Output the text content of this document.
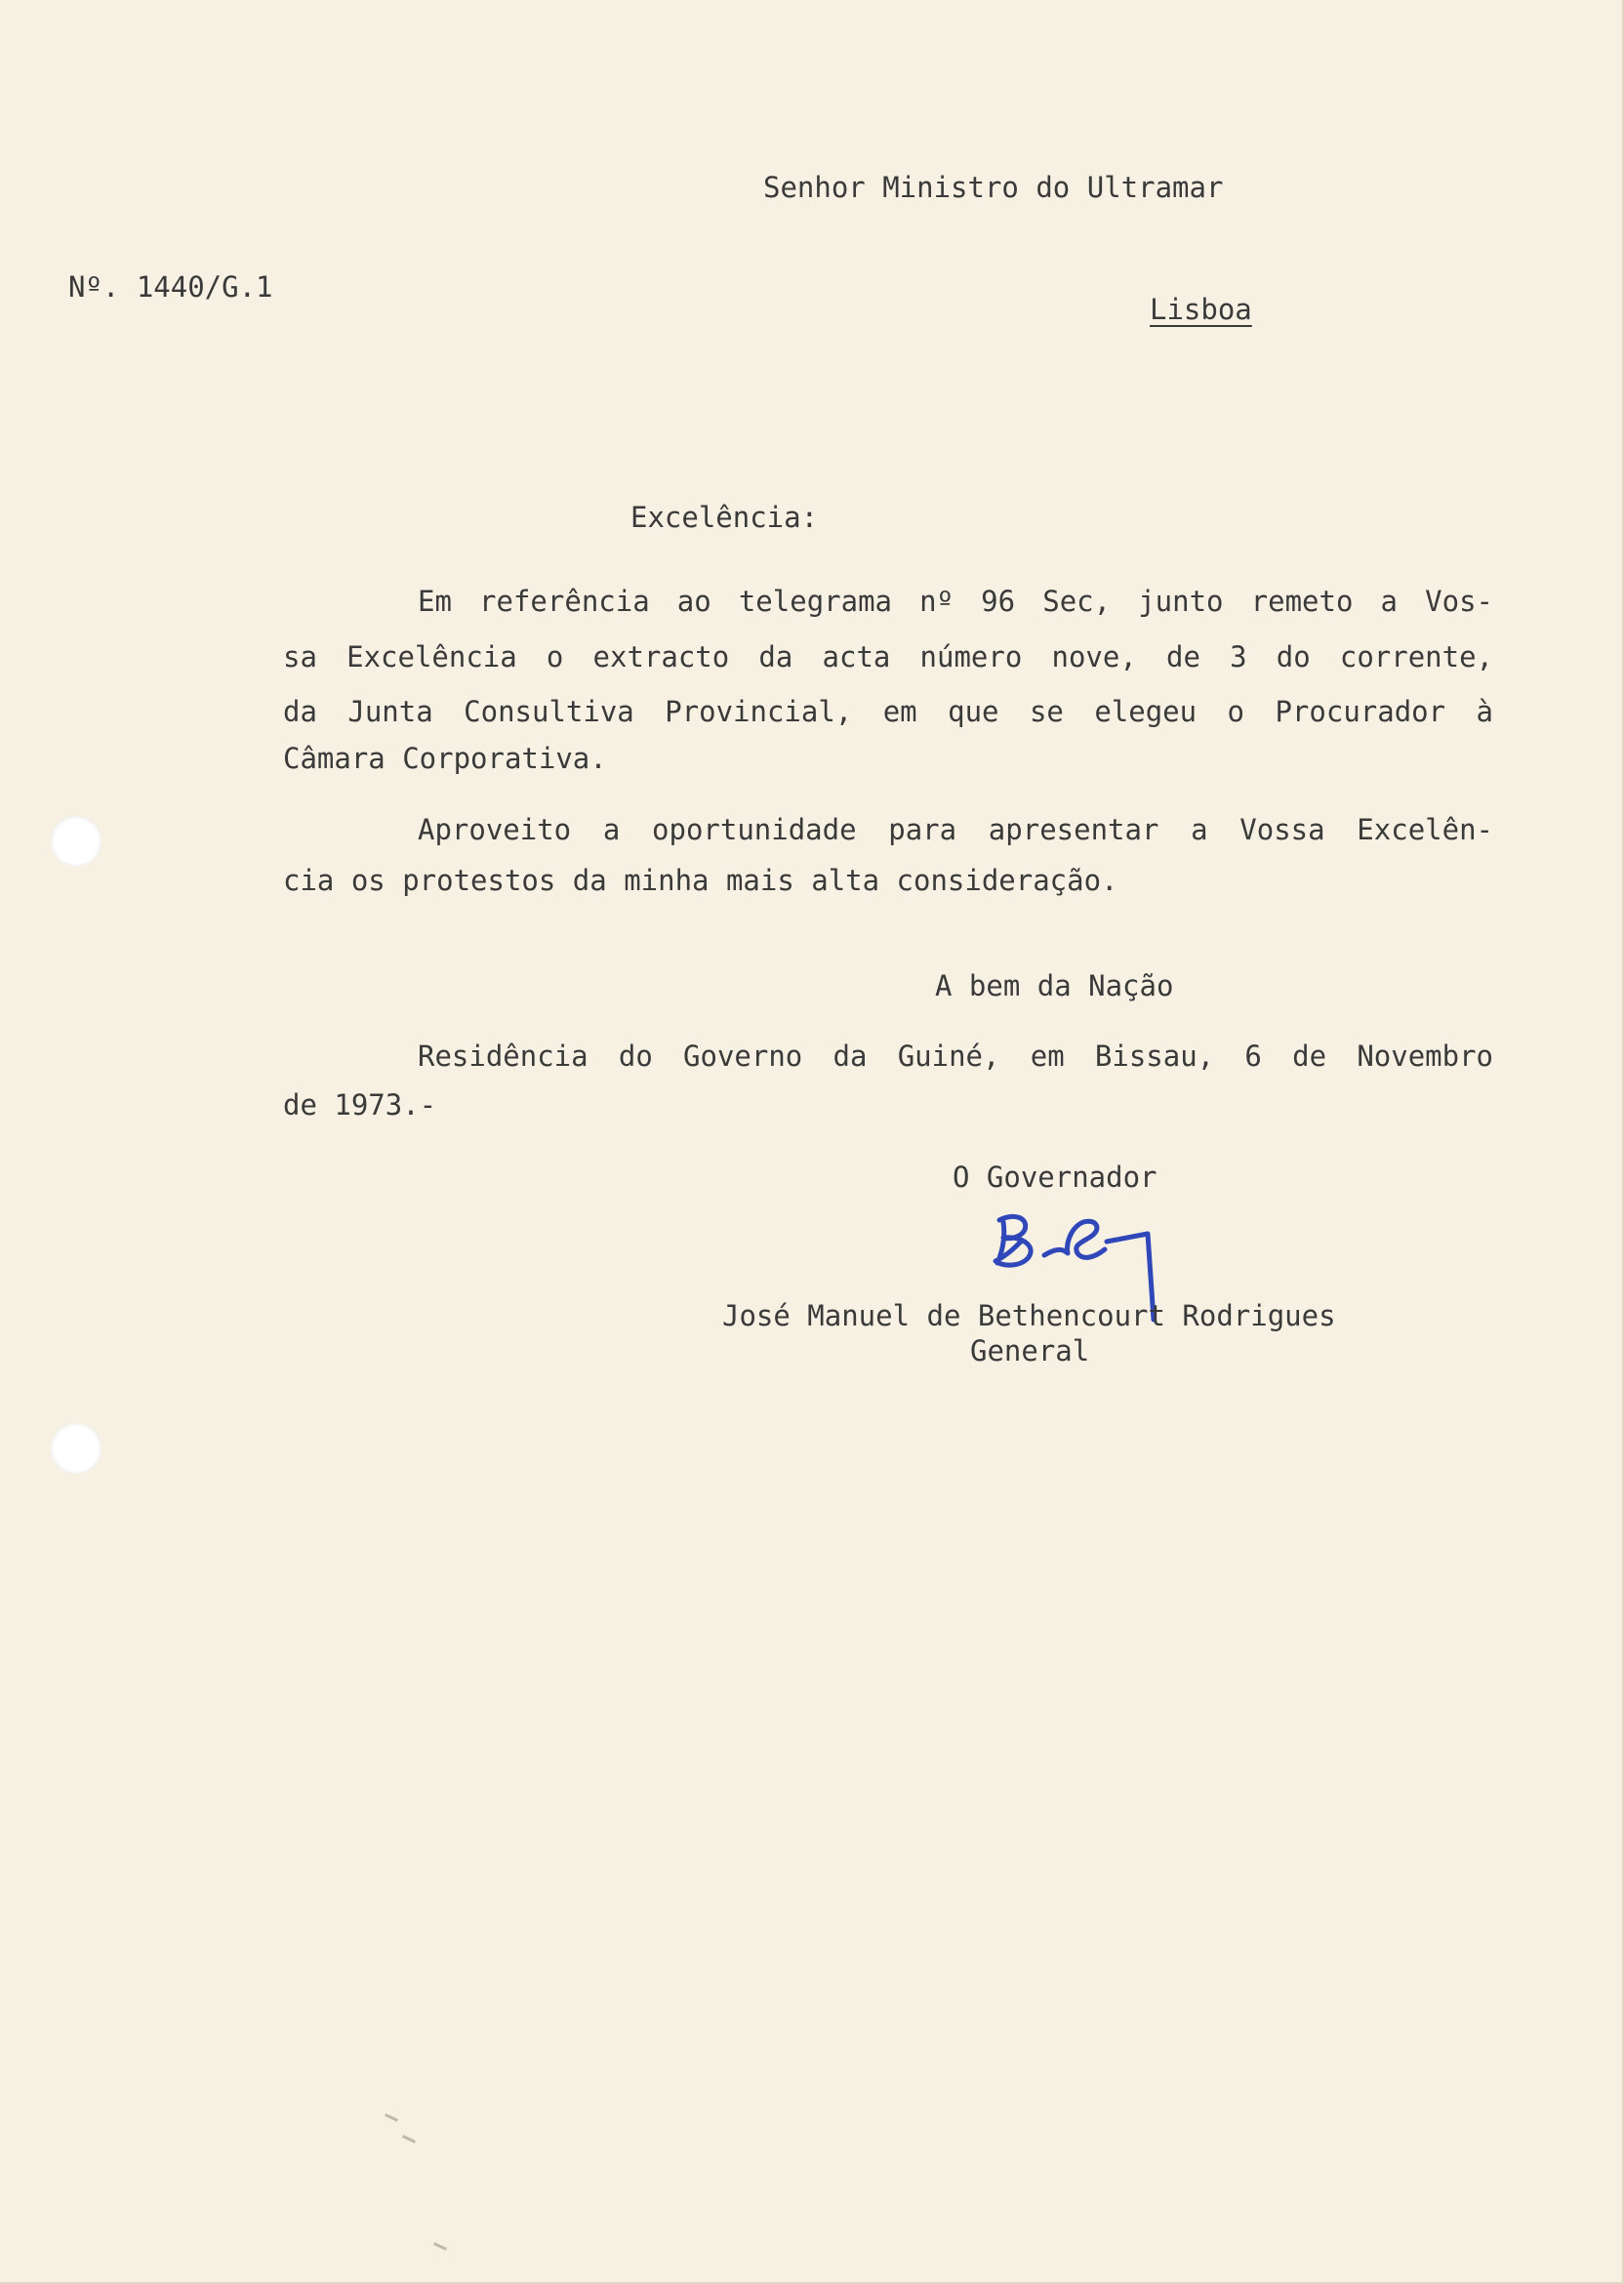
Senhor Ministro do Ultramar

Nº. 1440/G.1

Lisboa

Excelência:

Em referência ao telegrama nº 96 Sec, junto remeto a Vos-

sa Excelência o extracto da acta número nove, de 3 do corrente,

da Junta Consultiva Provincial, em que se elegeu o Procurador à

Câmara Corporativa.

Aproveito a oportunidade para apresentar a Vossa Excelên-

cia os protestos da minha mais alta consideração.

A bem da Nação

Residência do Governo da Guiné, em Bissau, 6 de Novembro

de 1973.-

O Governador

José Manuel de Bethencourt Rodrigues

General
